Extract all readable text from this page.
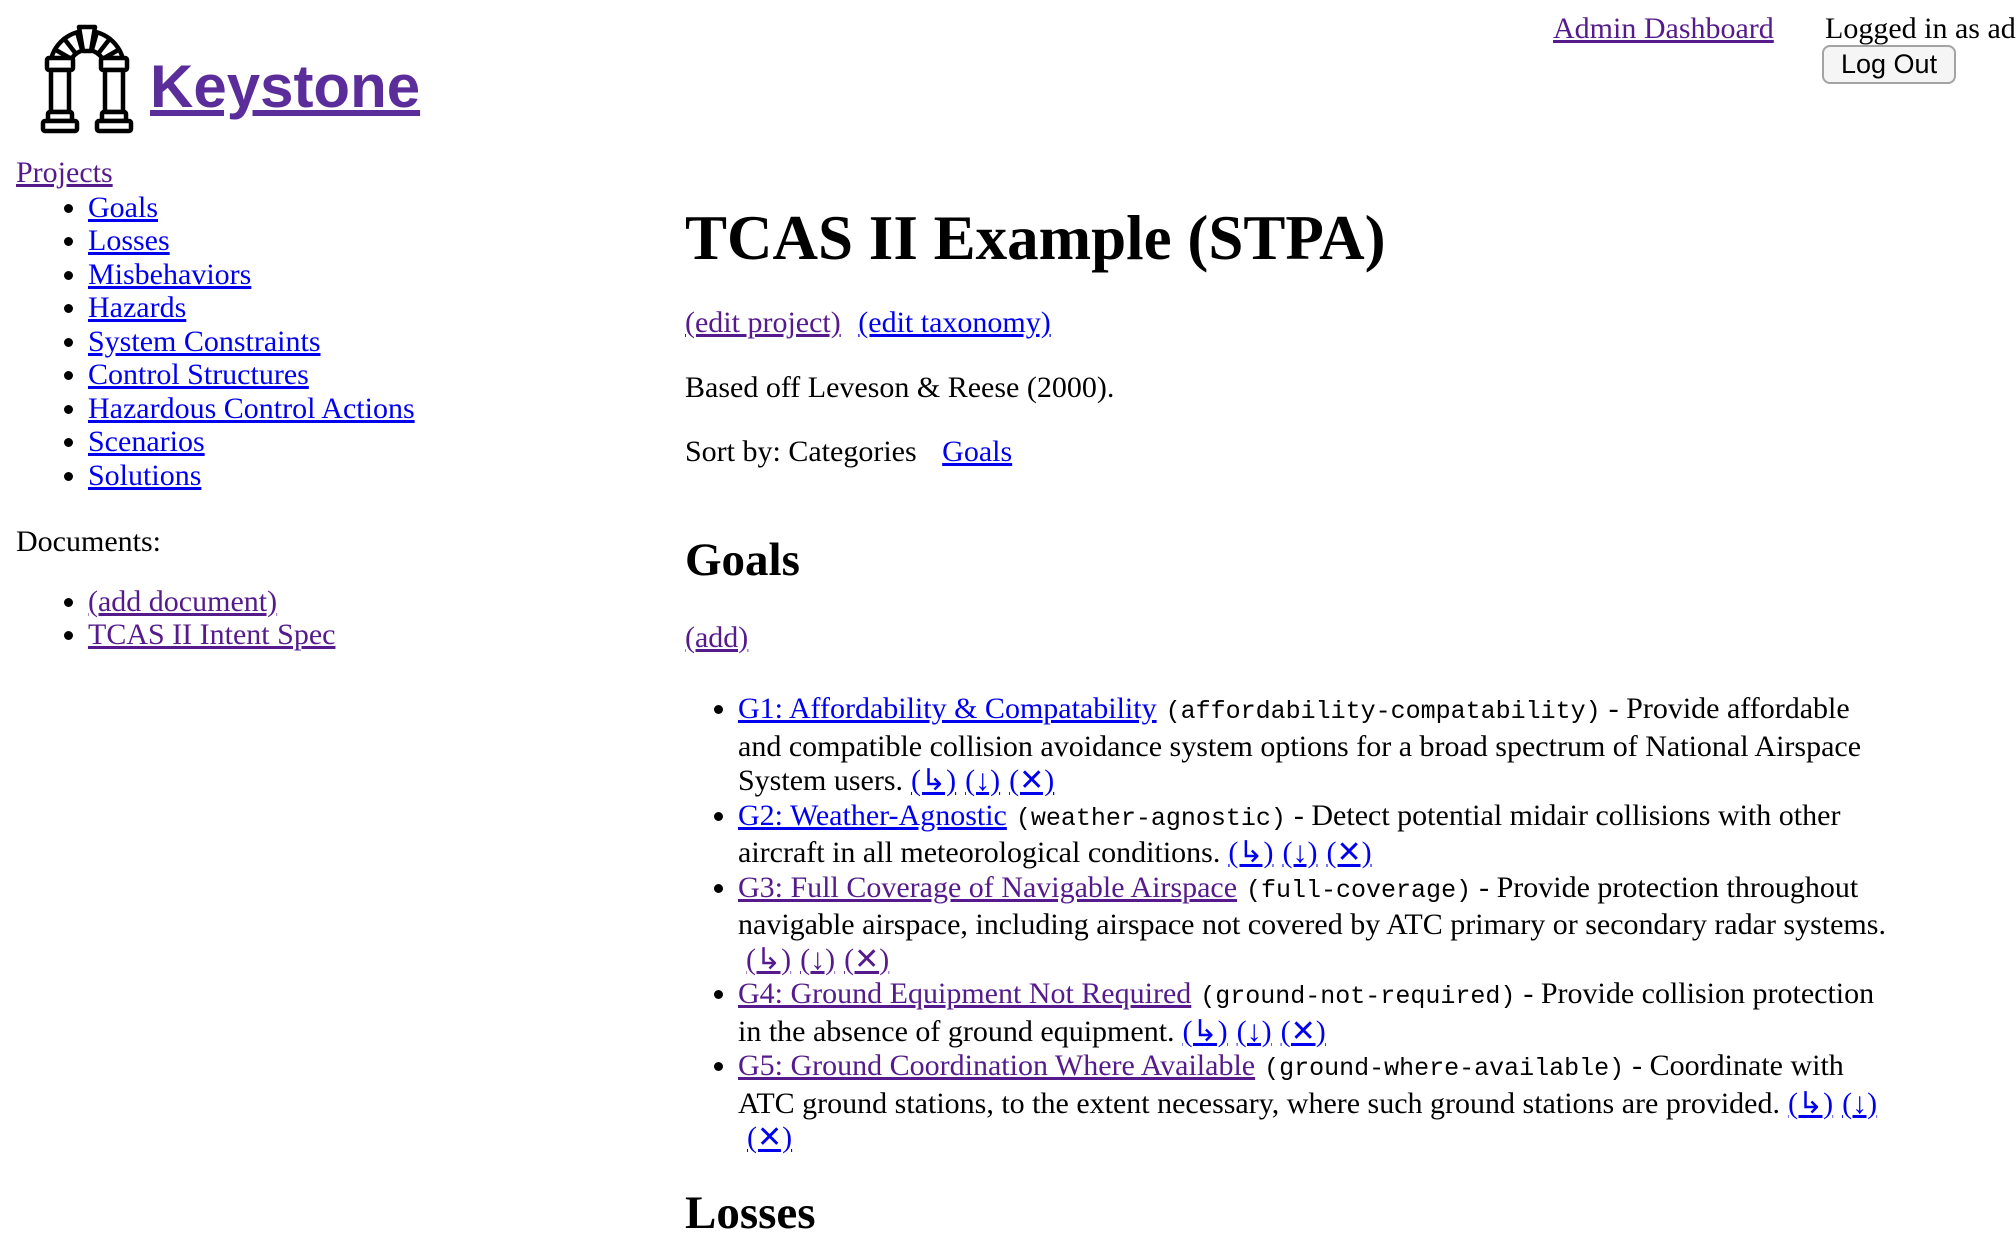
Keystone
Admin Dashboard Logged in as ad
Log Out

Projects

• Goals
• Losses
• Misbehaviors
• Hazards
• System Constraints
• Control Structures
• Hazardous Control Actions
• Scenarios
• Solutions

Documents:

• (add document)
• TCAS II Intent Spec
TCAS II Example (STPA)

(edit project) (edit taxonomy)

Based off Leveson & Reese (2000).

Sort by: Categories Goals

Goals

(add)

• G1: Affordability & Compatability (affordability-compatability) - Provide affordable and compatible collision avoidance system options for a broad spectrum of National Airspace System users. (↳) (↓) (✕)
• G2: Weather-Agnostic (weather-agnostic) - Detect potential midair collisions with other aircraft in all meteorological conditions. (↳) (↓) (✕)
• G3: Full Coverage of Navigable Airspace (full-coverage) - Provide protection throughout navigable airspace, including airspace not covered by ATC primary or secondary radar systems.(↳) (↓) (✕)
• G4: Ground Equipment Not Required (ground-not-required) - Provide collision protection in the absence of ground equipment. (↳) (↓) (✕)
• G5: Ground Coordination Where Available (ground-where-available) - Coordinate with ATC ground stations, to the extent necessary, where such ground stations are provided. (↳) (↓)(✕)
Losses
